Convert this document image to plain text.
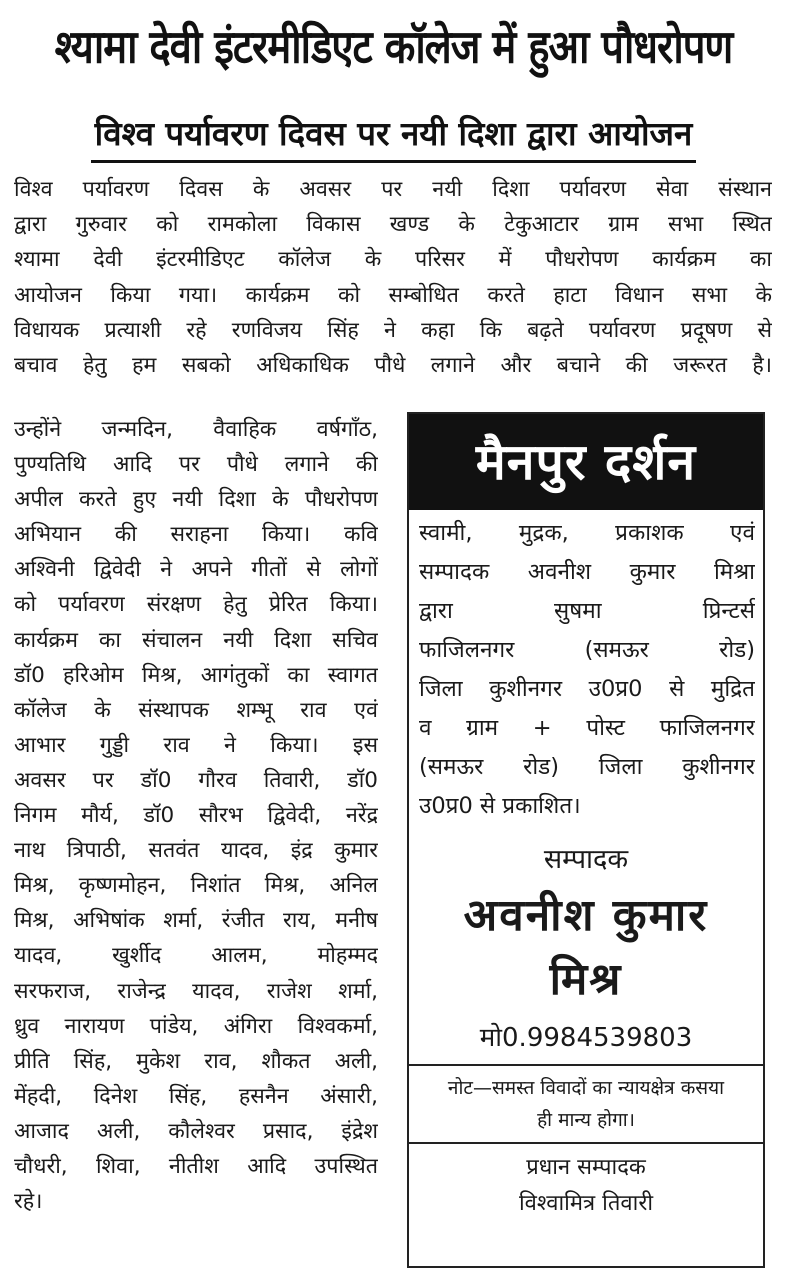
श्यामा देवी इंटरमीडिएट कॉलेज में हुआ पौधरोपण
विश्व पर्यावरण दिवस पर नयी दिशा द्वारा आयोजन
विश्व पर्यावरण दिवस के अवसर पर नयी दिशा पर्यावरण सेवा संस्थान
द्वारा गुरुवार को रामकोला विकास खण्ड के टेकुआटार ग्राम सभा स्थित
श्यामा देवी इंटरमीडिएट कॉलेज के परिसर में पौधरोपण कार्यक्रम का
आयोजन किया गया। कार्यक्रम को सम्बोधित करते हाटा विधान सभा के
विधायक प्रत्याशी रहे रणविजय सिंह ने कहा कि बढ़ते पर्यावरण प्रदूषण से
बचाव हेतु हम सबको अधिकाधिक पौधे लगाने और बचाने की जरूरत है।
उन्होंने जन्मदिन, वैवाहिक वर्षगाँठ,
पुण्यतिथि आदि पर पौधे लगाने की
अपील करते हुए नयी दिशा के पौधरोपण
अभियान की सराहना किया। कवि
अश्विनी द्विवेदी ने अपने गीतों से लोगों
को पर्यावरण संरक्षण हेतु प्रेरित किया।
कार्यक्रम का संचालन नयी दिशा सचिव
डॉ0 हरिओम मिश्र, आगंतुकों का स्वागत
कॉलेज के संस्थापक शम्भू राव एवं
आभार गुड्डी राव ने किया। इस
अवसर पर डॉ0 गौरव तिवारी, डॉ0
निगम मौर्य, डॉ0 सौरभ द्विवेदी, नरेंद्र
नाथ त्रिपाठी, सतवंत यादव, इंद्र कुमार
मिश्र, कृष्णमोहन, निशांत मिश्र, अनिल
मिश्र, अभिषांक शर्मा, रंजीत राय, मनीष
यादव, खुर्शीद आलम, मोहम्मद
सरफराज, राजेन्द्र यादव, राजेश शर्मा,
ध्रुव नारायण पांडेय, अंगिरा विश्वकर्मा,
प्रीति सिंह, मुकेश राव, शौकत अली,
मेंहदी, दिनेश सिंह, हसनैन अंसारी,
आजाद अली, कौलेश्वर प्रसाद, इंद्रेश
चौधरी, शिवा, नीतीश आदि उपस्थित
रहे।
मैनपुर दर्शन
स्वामी, मुद्रक, प्रकाशक एवं
सम्पादक अवनीश कुमार मिश्रा
द्वारा सुषमा प्रिन्टर्स
फाजिलनगर (समऊर रोड)
जिला कुशीनगर उ0प्र0 से मुद्रित
व ग्राम + पोस्ट फाजिलनगर
(समऊर रोड) जिला कुशीनगर
उ0प्र0 से प्रकाशित।
सम्पादक
अवनीश कुमार
मिश्र
मो0.9984539803
नोट—समस्त विवादों का न्यायक्षेत्र कसया
ही मान्य होगा।
प्रधान सम्पादक
विश्वामित्र तिवारी
